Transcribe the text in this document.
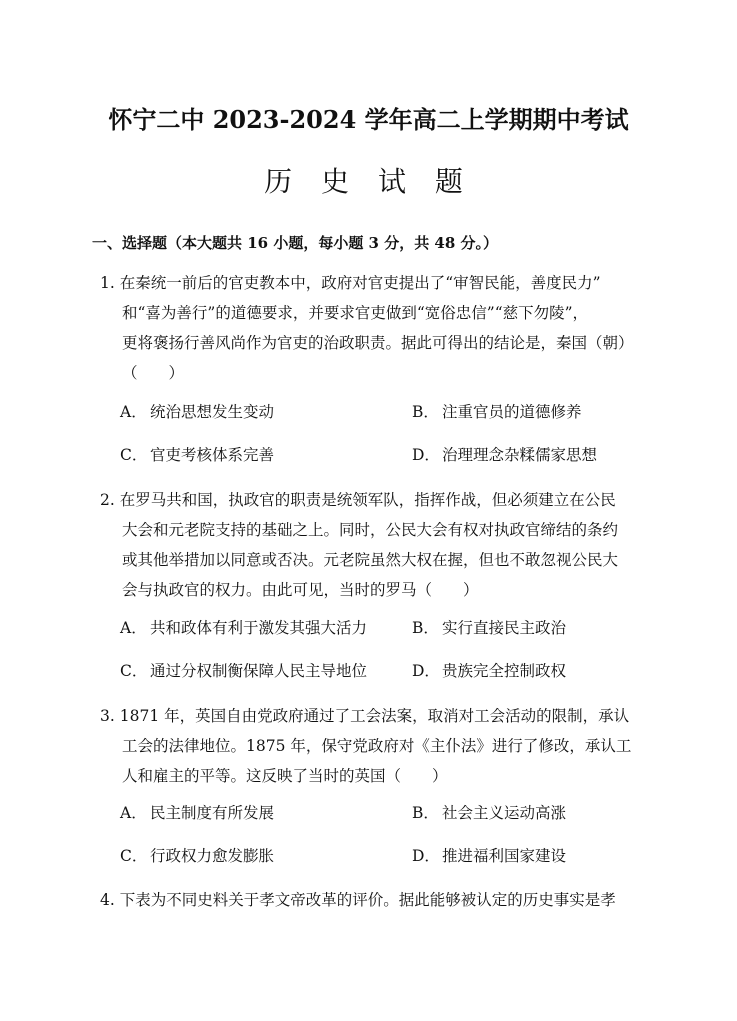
怀宁二中 2023-2024 学年高二上学期期中考试
历 史 试 题
一、选择题（本大题共 16 小题，每小题 3 分，共 48 分。）
1. 在秦统一前后的官吏教本中，政府对官吏提出了“审智民能，善度民力”
和“喜为善行”的道德要求，并要求官吏做到“宽俗忠信”“慈下勿陵”，
更将褒扬行善风尚作为官吏的治政职责。据此可得出的结论是，秦国（朝）
（　　）
A． 统治思想发生变动	B． 注重官员的道德修养
C． 官吏考核体系完善	D． 治理理念杂糅儒家思想
2. 在罗马共和国，执政官的职责是统领军队，指挥作战，但必须建立在公民
大会和元老院支持的基础之上。同时，公民大会有权对执政官缔结的条约
或其他举措加以同意或否决。元老院虽然大权在握，但也不敢忽视公民大
会与执政官的权力。由此可见，当时的罗马（　　）
A． 共和政体有利于激发其强大活力	B． 实行直接民主政治
C． 通过分权制衡保障人民主导地位	D． 贵族完全控制政权
3. 1871 年，英国自由党政府通过了工会法案，取消对工会活动的限制，承认
工会的法律地位。1875 年，保守党政府对《主仆法》进行了修改，承认工
人和雇主的平等。这反映了当时的英国（　　）
A． 民主制度有所发展	B． 社会主义运动高涨
C． 行政权力愈发膨胀	D． 推进福利国家建设
4. 下表为不同史料关于孝文帝改革的评价。据此能够被认定的历史事实是孝
